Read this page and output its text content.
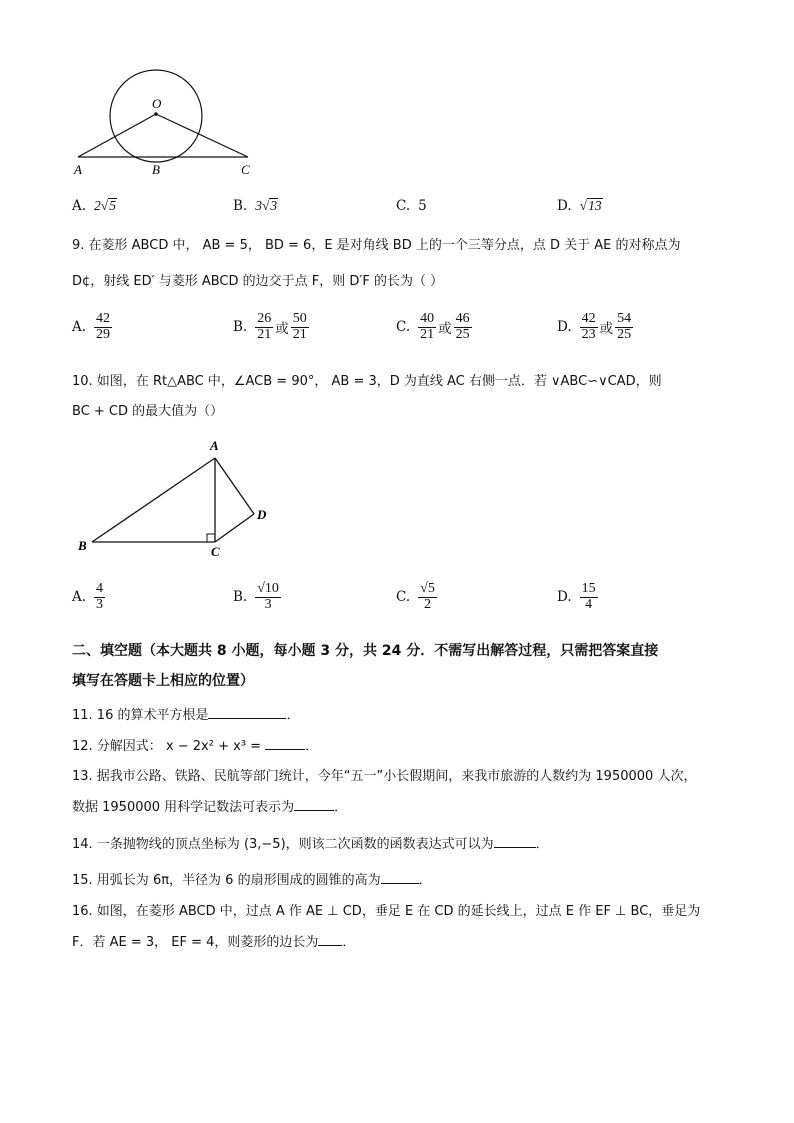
O
A	B	C
A. 2√5	B. 3√3	C. 5	D. √13
9. 在菱形 ABCD 中， AB = 5， BD = 6，E 是对角线 BD 上的一个三等分点，点 D 关于 AE 的对称点为
D¢，射线 ED′ 与菱形 ABCD 的边交于点 F，则 D′F 的长为（ ）
A. $\frac{42}{29}$	B. $\frac{26}{21}$ 或 $\frac{50}{21}$	C. $\frac{40}{21}$ 或 $\frac{46}{25}$	D. $\frac{42}{23}$ 或 $\frac{54}{25}$
10. 如图，在 Rt△ABC 中，∠ACB = 90°， AB = 3，D 为直线 AC 右侧一点．若 ∨ABC∽∨CAD，则
BC + CD 的最大值为（）
A
B	C
D
A. $\frac{4}{3}$	B. $\frac{√10}{3}$	C. $\frac{√5}{2}$	D. $\frac{15}{4}$
二、填空题（本大题共 8 小题，每小题 3 分，共 24 分．不需写出解答过程，只需把答案直接
填写在答题卡上相应的位置）
11. 16 的算术平方根是	．
12. 分解因式： x − 2x² + x³ =	．
13. 据我市公路、铁路、民航等部门统计，今年“五一”小长假期间，来我市旅游的人数约为 1950000 人次，
数据 1950000 用科学记数法可表示为	．
14. 一条抛物线的顶点坐标为 (3,−5)，则该二次函数的函数表达式可以为	．
15. 用弧长为 6π，半径为 6 的扇形围成的圆锥的高为	．
16. 如图，在菱形 ABCD 中，过点 A 作 AE ⊥ CD，垂足 E 在 CD 的延长线上，过点 E 作 EF ⊥ BC，垂足为
F．若 AE = 3， EF = 4，则菱形的边长为 ．
